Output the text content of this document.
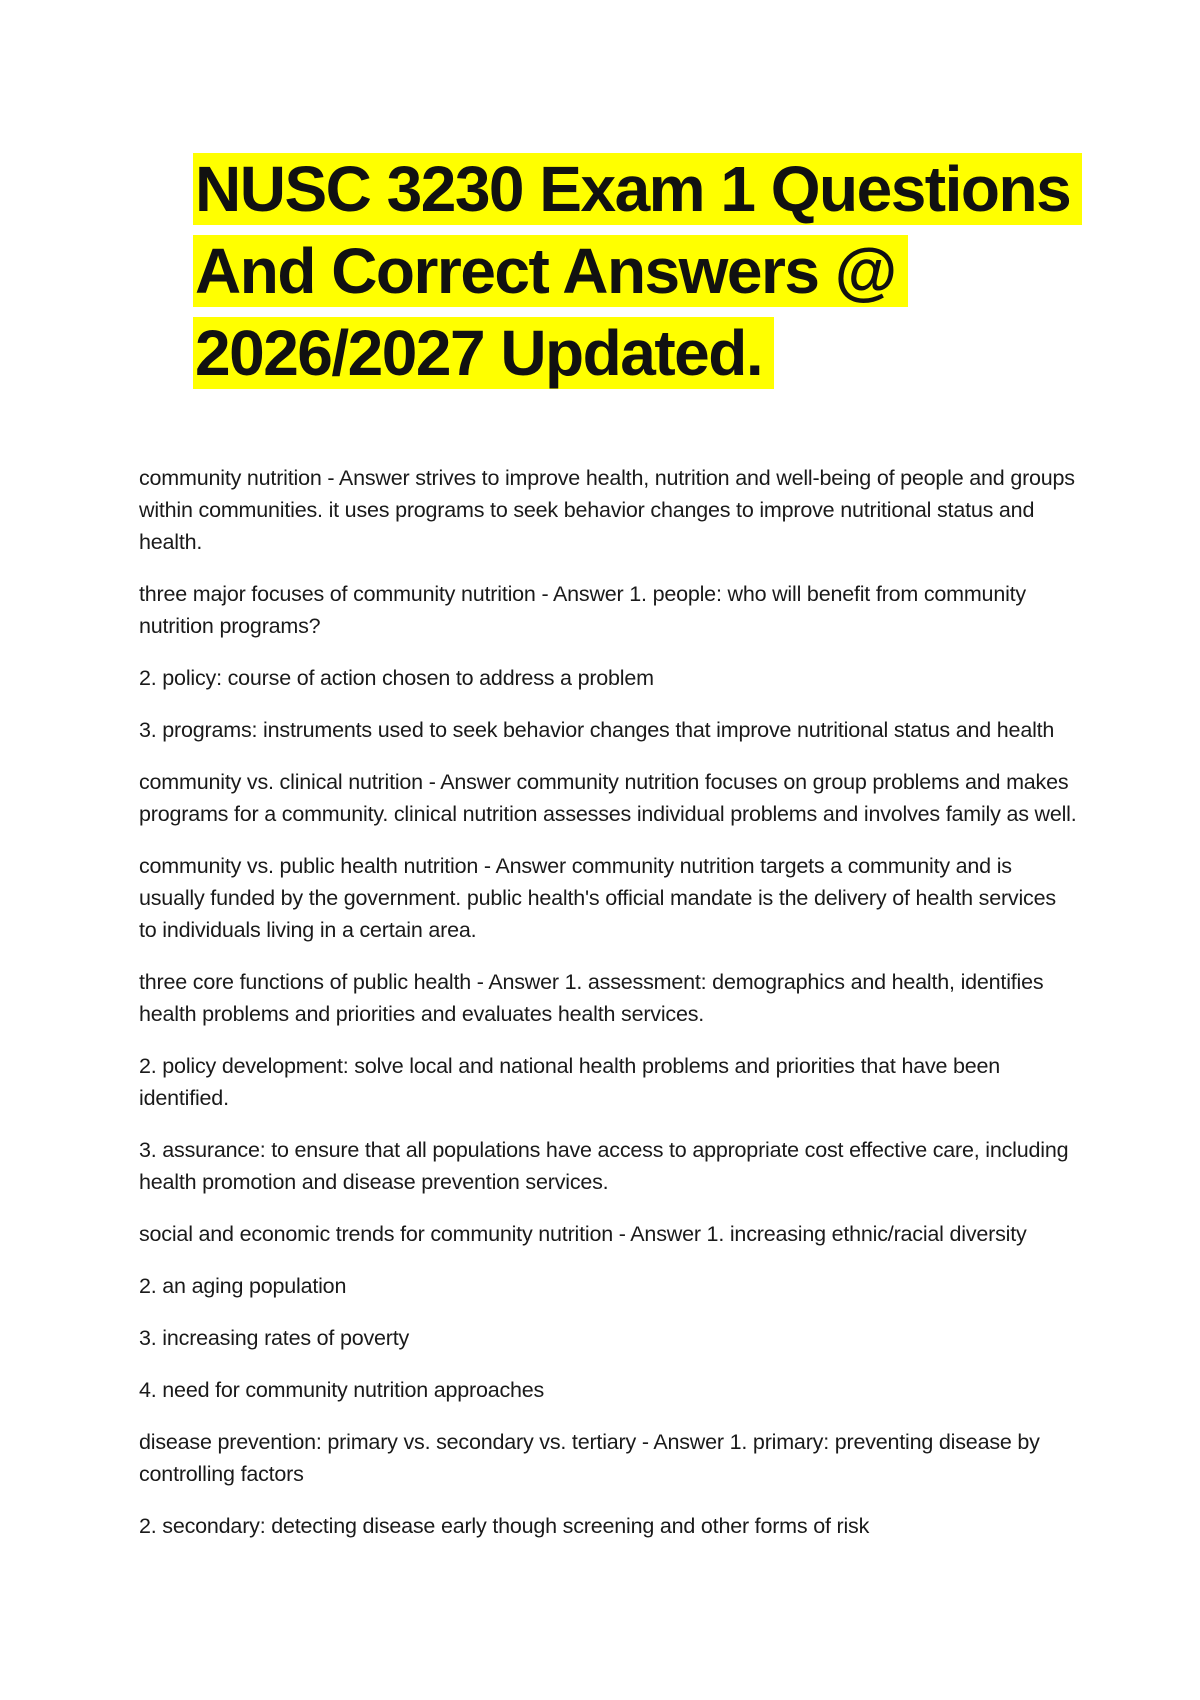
NUSC 3230 Exam 1 Questions
And Correct Answers @
2026/2027 Updated.

community nutrition - Answer strives to improve health, nutrition and well-being of people and groups within communities. it uses programs to seek behavior changes to improve nutritional status and health.

three major focuses of community nutrition - Answer 1. people: who will benefit from community nutrition programs?

2. policy: course of action chosen to address a problem

3. programs: instruments used to seek behavior changes that improve nutritional status and health

community vs. clinical nutrition - Answer community nutrition focuses on group problems and makes programs for a community. clinical nutrition assesses individual problems and involves family as well.

community vs. public health nutrition - Answer community nutrition targets a community and is usually funded by the government. public health's official mandate is the delivery of health services to individuals living in a certain area.

three core functions of public health - Answer 1. assessment: demographics and health, identifies health problems and priorities and evaluates health services.

2. policy development: solve local and national health problems and priorities that have been identified.

3. assurance: to ensure that all populations have access to appropriate cost effective care, including health promotion and disease prevention services.

social and economic trends for community nutrition - Answer 1. increasing ethnic/racial diversity

2. an aging population

3. increasing rates of poverty

4. need for community nutrition approaches

disease prevention: primary vs. secondary vs. tertiary - Answer 1. primary: preventing disease by controlling factors

2. secondary: detecting disease early though screening and other forms of risk
